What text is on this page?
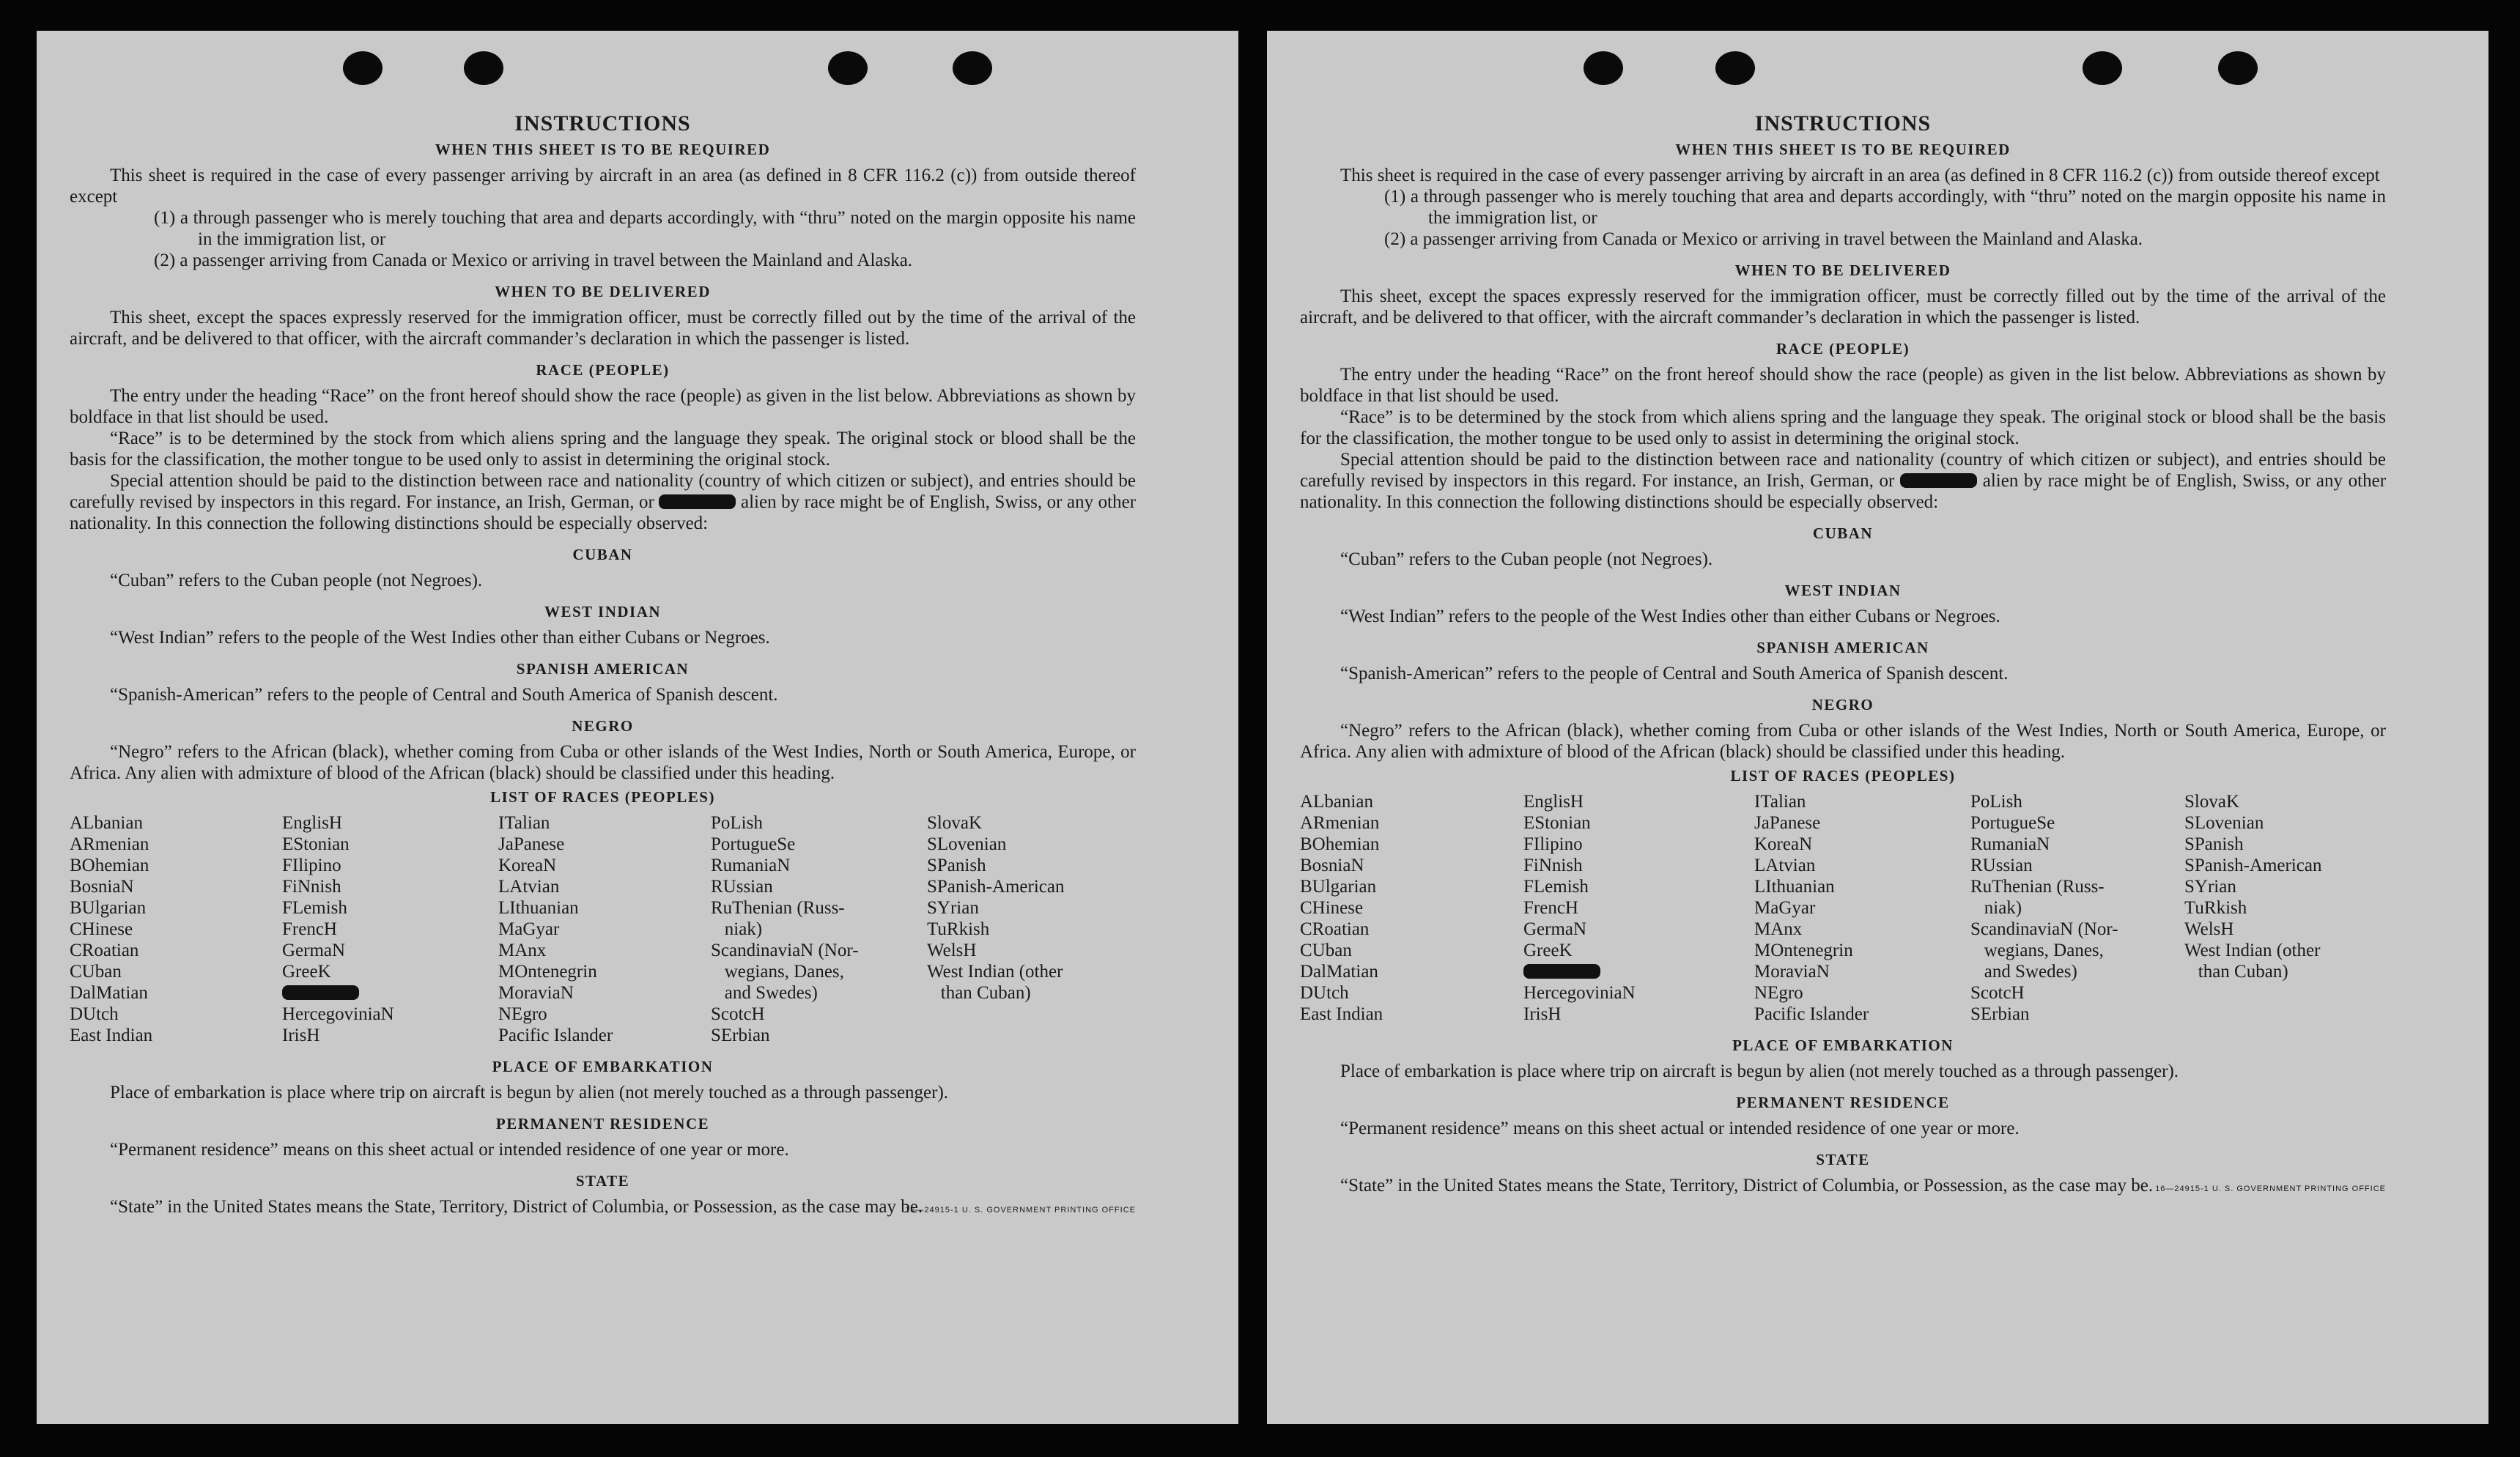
INSTRUCTIONS
WHEN THIS SHEET IS TO BE REQUIRED

This sheet is required in the case of every passenger arriving by aircraft in an area (as defined in 8 CFR 116.2 (c)) from outside thereof except

(1) a through passenger who is merely touching that area and departs accordingly, with “thru” noted on the margin opposite his name in the immigration list, or
(2) a passenger arriving from Canada or Mexico or arriving in travel between the Mainland and Alaska.
WHEN TO BE DELIVERED

This sheet, except the spaces expressly reserved for the immigration officer, must be correctly filled out by the time of the arrival of the aircraft, and be delivered to that officer, with the aircraft commander’s declaration in which the passenger is listed.

RACE (PEOPLE)

The entry under the heading “Race” on the front hereof should show the race (people) as given in the list below. Abbreviations as shown by boldface in that list should be used.

“Race” is to be determined by the stock from which aliens spring and the language they speak. The original stock or blood shall be the basis for the classification, the mother tongue to be used only to assist in determining the original stock.

Special attention should be paid to the distinction between race and nationality (country of which citizen or subject), and entries should be carefully revised by inspectors in this regard. For instance, an Irish, German, or	alien by race might be of English, Swiss, or any other nationality. In this connection the following distinctions should be especially observed:

CUBAN

“Cuban” refers to the Cuban people (not Negroes).

WEST INDIAN

“West Indian” refers to the people of the West Indies other than either Cubans or Negroes.

SPANISH AMERICAN

“Spanish-American” refers to the people of Central and South America of Spanish descent.

NEGRO

“Negro” refers to the African (black), whether coming from Cuba or other islands of the West Indies, North or South America, Europe, or Africa. Any alien with admixture of blood of the African (black) should be classified under this heading.

LIST OF RACES (PEOPLES)
ALbanian
ARmenian
BOhemian
BosniaN
BUlgarian
CHinese
CRoatian
CUban
DalMatian
DUtch
East Indian
EnglisH
EStonian
FIlipino
FiNnish
FLemish
FrencH
GermaN
GreeK
HercegoviniaN
IrisH
ITalian
JaPanese
KoreaN
LAtvian
LIthuanian
MaGyar
MAnx
MOntenegrin
MoraviaN
NEgro
Pacific Islander
PoLish
PortugueSe
RumaniaN
RUssian
RuThenian (Russ-
niak)
ScandinaviaN (Nor-
wegians, Danes,
and Swedes)
ScotcH
SErbian
SlovaK
SLovenian
SPanish
SPanish-American
SYrian
TuRkish
WelsH
West Indian (other
than Cuban)
PLACE OF EMBARKATION

Place of embarkation is place where trip on aircraft is begun by alien (not merely touched as a through passenger).

PERMANENT RESIDENCE

“Permanent residence” means on this sheet actual or intended residence of one year or more.

STATE

“State” in the United States means the State, Territory, District of Columbia, or Possession, as the case may be.

16—24915-1 U. S. GOVERNMENT PRINTING OFFICE
INSTRUCTIONS
WHEN THIS SHEET IS TO BE REQUIRED

This sheet is required in the case of every passenger arriving by aircraft in an area (as defined in 8 CFR 116.2 (c)) from outside thereof except

(1) a through passenger who is merely touching that area and departs accordingly, with “thru” noted on the margin opposite his name in the immigration list, or
(2) a passenger arriving from Canada or Mexico or arriving in travel between the Mainland and Alaska.
WHEN TO BE DELIVERED

This sheet, except the spaces expressly reserved for the immigration officer, must be correctly filled out by the time of the arrival of the aircraft, and be delivered to that officer, with the aircraft commander’s declaration in which the passenger is listed.

RACE (PEOPLE)

The entry under the heading “Race” on the front hereof should show the race (people) as given in the list below. Abbreviations as shown by boldface in that list should be used.

“Race” is to be determined by the stock from which aliens spring and the language they speak. The original stock or blood shall be the basis for the classification, the mother tongue to be used only to assist in determining the original stock.

Special attention should be paid to the distinction between race and nationality (country of which citizen or subject), and entries should be carefully revised by inspectors in this regard. For instance, an Irish, German, or	alien by race might be of English, Swiss, or any other nationality. In this connection the following distinctions should be especially observed:

CUBAN

“Cuban” refers to the Cuban people (not Negroes).

WEST INDIAN

“West Indian” refers to the people of the West Indies other than either Cubans or Negroes.

SPANISH AMERICAN

“Spanish-American” refers to the people of Central and South America of Spanish descent.

NEGRO

“Negro” refers to the African (black), whether coming from Cuba or other islands of the West Indies, North or South America, Europe, or Africa. Any alien with admixture of blood of the African (black) should be classified under this heading.

LIST OF RACES (PEOPLES)
ALbanian
ARmenian
BOhemian
BosniaN
BUlgarian
CHinese
CRoatian
CUban
DalMatian
DUtch
East Indian
EnglisH
EStonian
FIlipino
FiNnish
FLemish
FrencH
GermaN
GreeK
HercegoviniaN
IrisH
ITalian
JaPanese
KoreaN
LAtvian
LIthuanian
MaGyar
MAnx
MOntenegrin
MoraviaN
NEgro
Pacific Islander
PoLish
PortugueSe
RumaniaN
RUssian
RuThenian (Russ-
niak)
ScandinaviaN (Nor-
wegians, Danes,
and Swedes)
ScotcH
SErbian
SlovaK
SLovenian
SPanish
SPanish-American
SYrian
TuRkish
WelsH
West Indian (other
than Cuban)
PLACE OF EMBARKATION

Place of embarkation is place where trip on aircraft is begun by alien (not merely touched as a through passenger).

PERMANENT RESIDENCE

“Permanent residence” means on this sheet actual or intended residence of one year or more.

STATE

“State” in the United States means the State, Territory, District of Columbia, or Possession, as the case may be. 16—24915-1 U. S. GOVERNMENT PRINTING OFFICE
